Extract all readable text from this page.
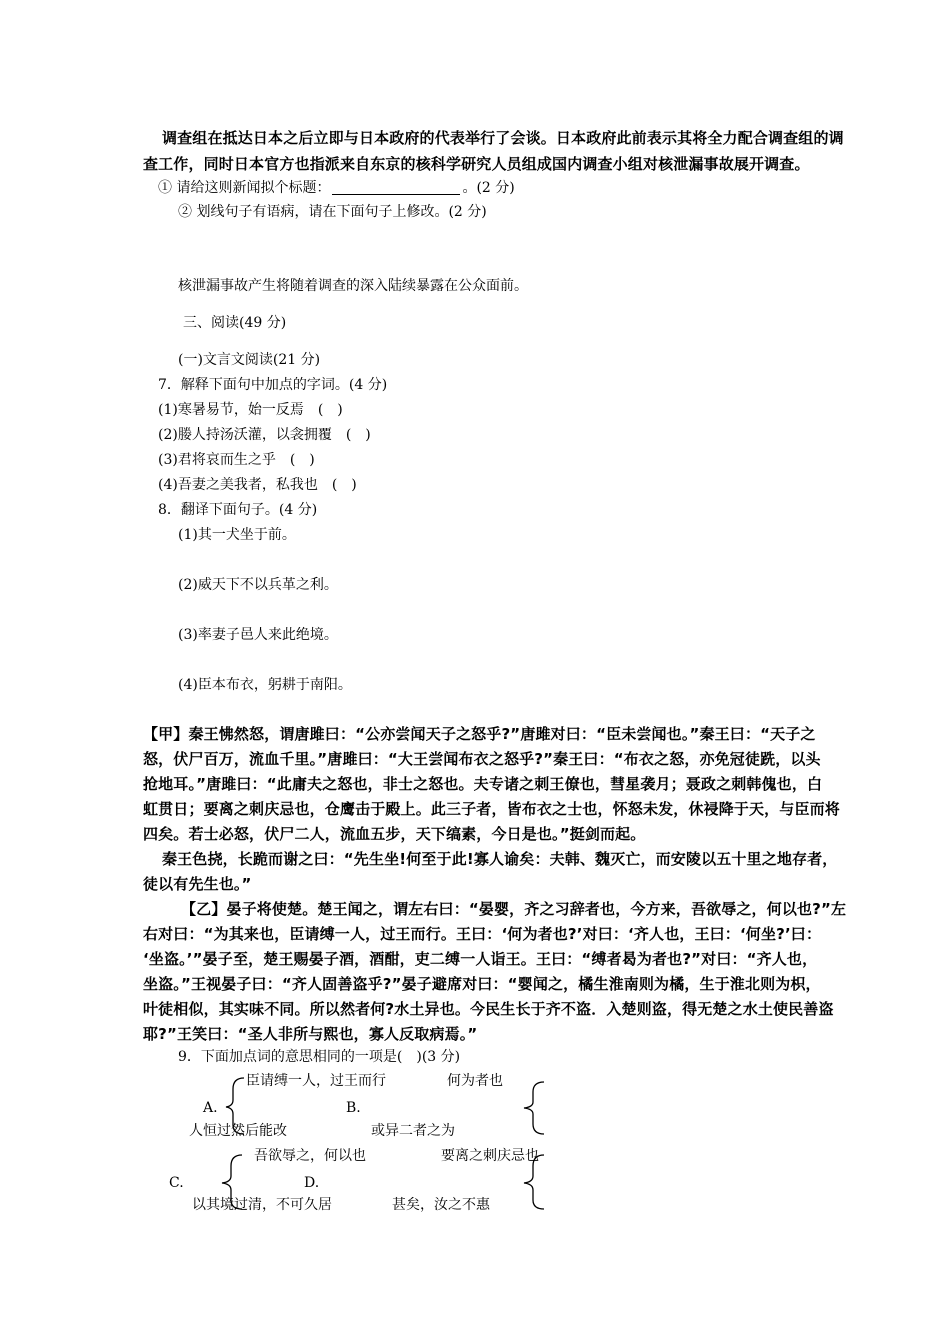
调查组在抵达日本之后立即与日本政府的代表举行了会谈。日本政府此前表示其将全力配合调查组的调
查工作，同时日本官方也指派来自东京的核科学研究人员组成国内调查小组对核泄漏事故展开调查。
① 请给这则新闻拟个标题：	。(2 分)
② 划线句子有语病，请在下面句子上修改。(2 分)
核泄漏事故产生将随着调查的深入陆续暴露在公众面前。
三、阅读(49 分)
(一)文言文阅读(21 分)
7．解释下面句中加点的字词。(4 分)
(1)寒暑易节，始一反焉　(　)
(2)媵人持汤沃灌，以衾拥覆　(　)
(3)君将哀而生之乎　(　)
(4)吾妻之美我者，私我也　(　)
8．翻译下面句子。(4 分)
(1)其一犬坐于前。
(2)威天下不以兵革之利。
(3)率妻子邑人来此绝境。
(4)臣本布衣，躬耕于南阳。
【甲】秦王怫然怒，谓唐雎曰：“公亦尝闻天子之怒乎?”唐雎对曰：“臣未尝闻也。”秦王曰：“天子之
怒，伏尸百万，流血千里。”唐雎曰：“大王尝闻布衣之怒乎?”秦王曰：“布衣之怒，亦免冠徒跣，以头
抢地耳。”唐雎曰：“此庸夫之怒也，非士之怒也。夫专诸之刺王僚也，彗星袭月；聂政之刺韩傀也，白
虹贯日；要离之刺庆忌也，仓鹰击于殿上。此三子者，皆布衣之士也，怀怒未发，休祲降于天，与臣而将
四矣。若士必怒，伏尸二人，流血五步，天下缟素，今日是也。”挺剑而起。
秦王色挠，长跪而谢之曰：“先生坐!何至于此!寡人谕矣：夫韩、魏灭亡，而安陵以五十里之地存者，
徒以有先生也。”
【乙】晏子将使楚。楚王闻之，谓左右曰：“晏婴，齐之习辞者也，今方来，吾欲辱之，何以也?”左
右对曰：“为其来也，臣请缚一人，过王而行。王曰：‘何为者也?’对曰：‘齐人也，王曰：‘何坐?’曰：
‘坐盗。’”晏子至，楚王赐晏子酒，酒酣，吏二缚一人诣王。王曰：“缚者曷为者也?”对曰：“齐人也，
坐盗。”王视晏子曰：“齐人固善盗乎?”晏子避席对曰：“婴闻之，橘生淮南则为橘，生于淮北则为枳，
叶徒相似，其实味不同。所以然者何?水土异也。今民生长于齐不盗．入楚则盗，得无楚之水土使民善盗
耶?”王笑曰：“圣人非所与熙也，寡人反取病焉。”
9．下面加点词的意思相同的一项是(　)(3 分)
臣请缚一人，过王而行
A.
人恒过然后能改
何为者也
B.
或异二者之为
吾欲辱之，何以也
C.
以其境过清，不可久居
要离之刺庆忌也
D.
甚矣，汝之不惠
